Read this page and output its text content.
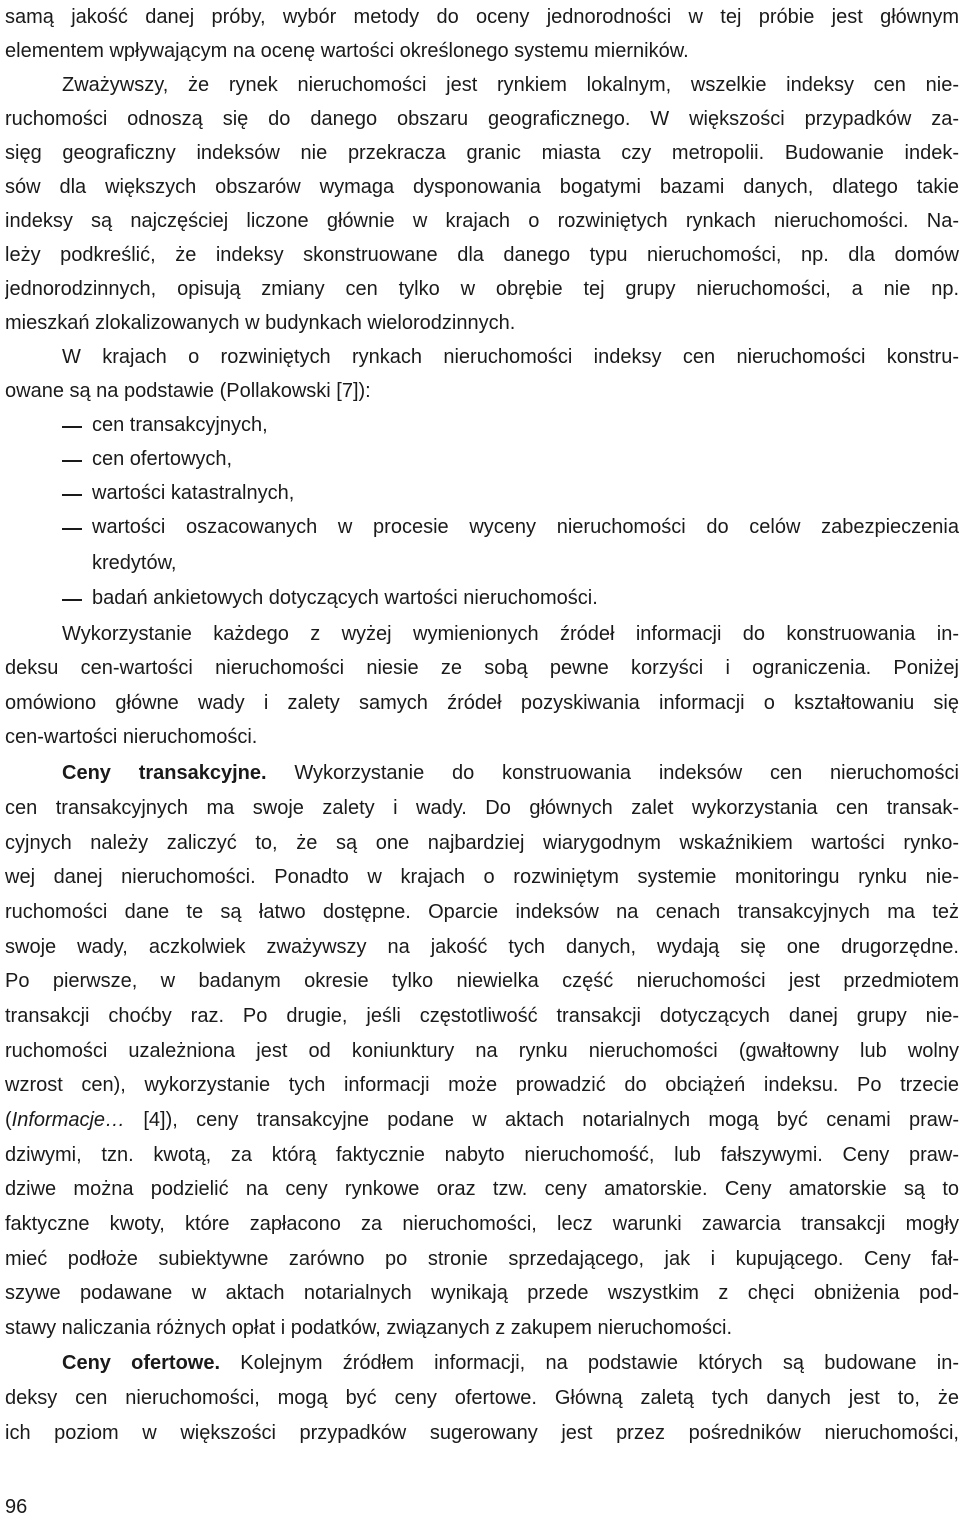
samą jakość danej próby, wybór metody do oceny jednorodności w tej próbie jest głównym
elementem wpływającym na ocenę wartości określonego systemu mierników.
Zważywszy, że rynek nieruchomości jest rynkiem lokalnym, wszelkie indeksy cen nie-
ruchomości odnoszą się do danego obszaru geograficznego. W większości przypadków za-
sięg geograficzny indeksów nie przekracza granic miasta czy metropolii. Budowanie indek-
sów dla większych obszarów wymaga dysponowania bogatymi bazami danych, dlatego takie
indeksy są najczęściej liczone głównie w krajach o rozwiniętych rynkach nieruchomości. Na-
leży podkreślić, że indeksy skonstruowane dla danego typu nieruchomości, np. dla domów
jednorodzinnych, opisują zmiany cen tylko w obrębie tej grupy nieruchomości, a nie np.
mieszkań zlokalizowanych w budynkach wielorodzinnych.
W krajach o rozwiniętych rynkach nieruchomości indeksy cen nieruchomości konstru-
owane są na podstawie (Pollakowski [7]):
cen transakcyjnych,
cen ofertowych,
wartości katastralnych,
wartości oszacowanych w procesie wyceny nieruchomości do celów zabezpieczenia
kredytów,
badań ankietowych dotyczących wartości nieruchomości.
Wykorzystanie każdego z wyżej wymienionych źródeł informacji do konstruowania in-
deksu cen-wartości nieruchomości niesie ze sobą pewne korzyści i ograniczenia. Poniżej
omówiono główne wady i zalety samych źródeł pozyskiwania informacji o kształtowaniu się
cen-wartości nieruchomości.
Ceny transakcyjne. Wykorzystanie do konstruowania indeksów cen nieruchomości
cen transakcyjnych ma swoje zalety i wady. Do głównych zalet wykorzystania cen transak-
cyjnych należy zaliczyć to, że są one najbardziej wiarygodnym wskaźnikiem wartości rynko-
wej danej nieruchomości. Ponadto w krajach o rozwiniętym systemie monitoringu rynku nie-
ruchomości dane te są łatwo dostępne. Oparcie indeksów na cenach transakcyjnych ma też
swoje wady, aczkolwiek zważywszy na jakość tych danych, wydają się one drugorzędne.
Po pierwsze, w badanym okresie tylko niewielka część nieruchomości jest przedmiotem
transakcji choćby raz. Po drugie, jeśli częstotliwość transakcji dotyczących danej grupy nie-
ruchomości uzależniona jest od koniunktury na rynku nieruchomości (gwałtowny lub wolny
wzrost cen), wykorzystanie tych informacji może prowadzić do obciążeń indeksu. Po trzecie
(Informacje… [4]), ceny transakcyjne podane w aktach notarialnych mogą być cenami praw-
dziwymi, tzn. kwotą, za którą faktycznie nabyto nieruchomość, lub fałszywymi. Ceny praw-
dziwe można podzielić na ceny rynkowe oraz tzw. ceny amatorskie. Ceny amatorskie są to
faktyczne kwoty, które zapłacono za nieruchomości, lecz warunki zawarcia transakcji mogły
mieć podłoże subiektywne zarówno po stronie sprzedającego, jak i kupującego. Ceny fał-
szywe podawane w aktach notarialnych wynikają przede wszystkim z chęci obniżenia pod-
stawy naliczania różnych opłat i podatków, związanych z zakupem nieruchomości.
Ceny ofertowe. Kolejnym źródłem informacji, na podstawie których są budowane in-
deksy cen nieruchomości, mogą być ceny ofertowe. Główną zaletą tych danych jest to, że
ich poziom w większości przypadków sugerowany jest przez pośredników nieruchomości,
96
